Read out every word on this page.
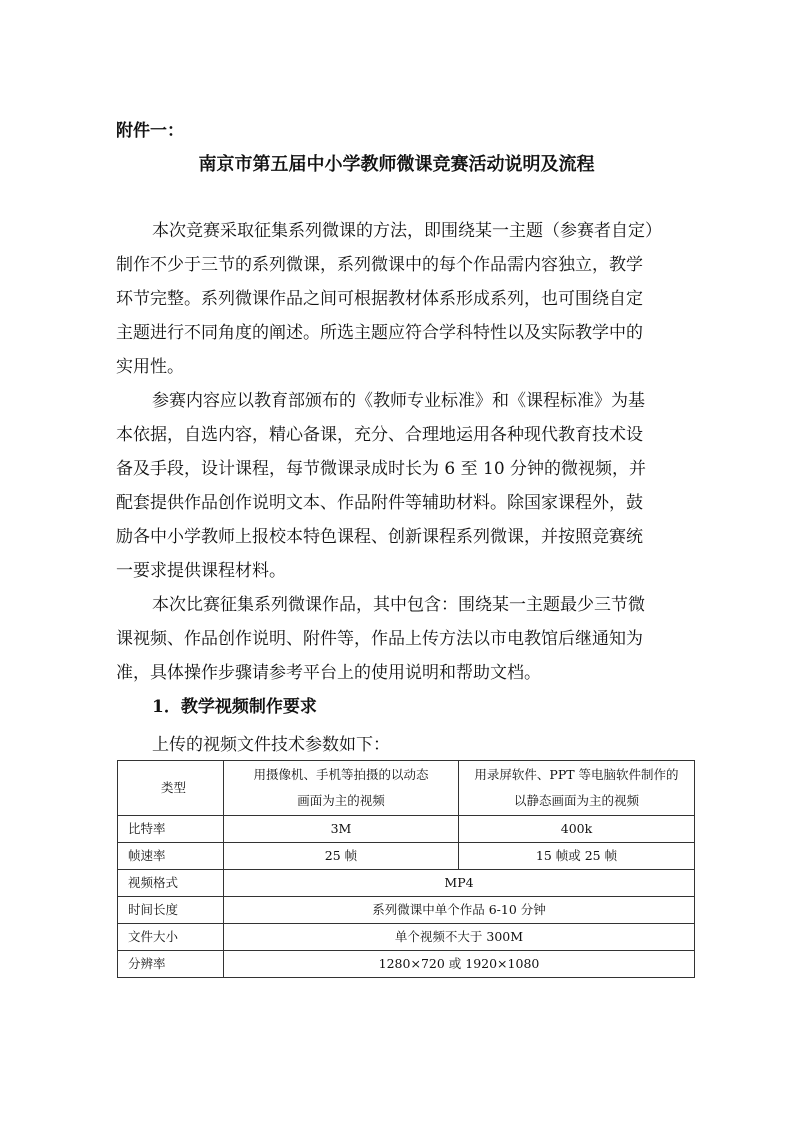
附件一：
南京市第五届中小学教师微课竞赛活动说明及流程

本次竞赛采取征集系列微课的方法，即围绕某一主题（参赛者自定）
制作不少于三节的系列微课，系列微课中的每个作品需内容独立，教学
环节完整。系列微课作品之间可根据教材体系形成系列，也可围绕自定
主题进行不同角度的阐述。所选主题应符合学科特性以及实际教学中的
实用性。

参赛内容应以教育部颁布的《教师专业标准》和《课程标准》为基
本依据，自选内容，精心备课，充分、合理地运用各种现代教育技术设
备及手段，设计课程，每节微课录成时长为 6 至 10 分钟的微视频，并
配套提供作品创作说明文本、作品附件等辅助材料。除国家课程外，鼓
励各中小学教师上报校本特色课程、创新课程系列微课，并按照竞赛统
一要求提供课程材料。

本次比赛征集系列微课作品，其中包含：围绕某一主题最少三节微
课视频、作品创作说明、附件等，作品上传方法以市电教馆后继通知为
准，具体操作步骤请参考平台上的使用说明和帮助文档。

1．教学视频制作要求
上传的视频文件技术参数如下：
类型	用摄像机、手机等拍摄的以动态
画面为主的视频	用录屏软件、PPT 等电脑软件制作的
以静态画面为主的视频
比特率	3M	400k
帧速率	25 帧	15 帧或 25 帧
视频格式	MP4	
时间长度	系列微课中单个作品 6-10 分钟	
文件大小	单个视频不大于 300M	
分辨率	1280×720 或 1920×1080	
